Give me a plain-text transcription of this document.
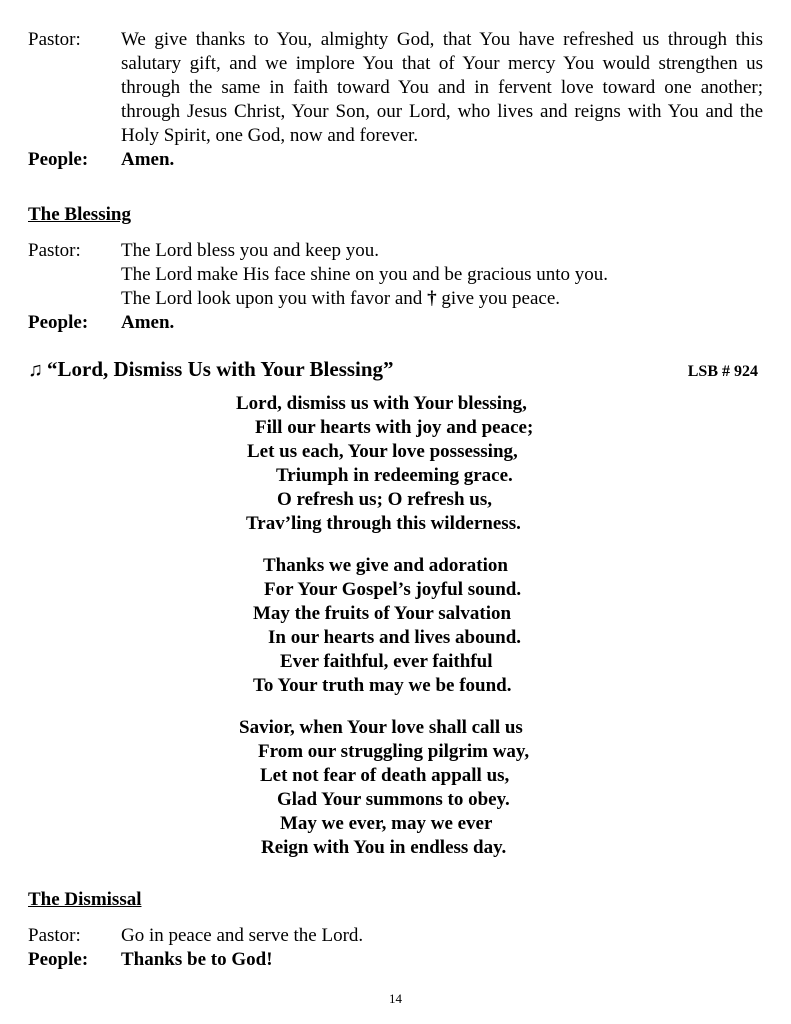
Pastor:	We give thanks to You, almighty God, that You have refreshed us through this salutary gift, and we implore You that of Your mercy You would strengthen us through the same in faith toward You and in fervent love toward one another; through Jesus Christ, Your Son, our Lord, who lives and reigns with You and the Holy Spirit, one God, now and forever.
People:	Amen.
The Blessing
Pastor:	The Lord bless you and keep you.
The Lord make His face shine on you and be gracious unto you.
The Lord look upon you with favor and † give you peace.
People:	Amen.
♫ “Lord, Dismiss Us with Your Blessing”	LSB # 924
Lord, dismiss us with Your blessing,
Fill our hearts with joy and peace;
Let us each, Your love possessing,
Triumph in redeeming grace.
O refresh us; O refresh us,
Trav’ling through this wilderness.
Thanks we give and adoration
For Your Gospel’s joyful sound.
May the fruits of Your salvation
In our hearts and lives abound.
Ever faithful, ever faithful
To Your truth may we be found.
Savior, when Your love shall call us
From our struggling pilgrim way,
Let not fear of death appall us,
Glad Your summons to obey.
May we ever, may we ever
Reign with You in endless day.
The Dismissal
Pastor:	Go in peace and serve the Lord.
People:	Thanks be to God!
14
